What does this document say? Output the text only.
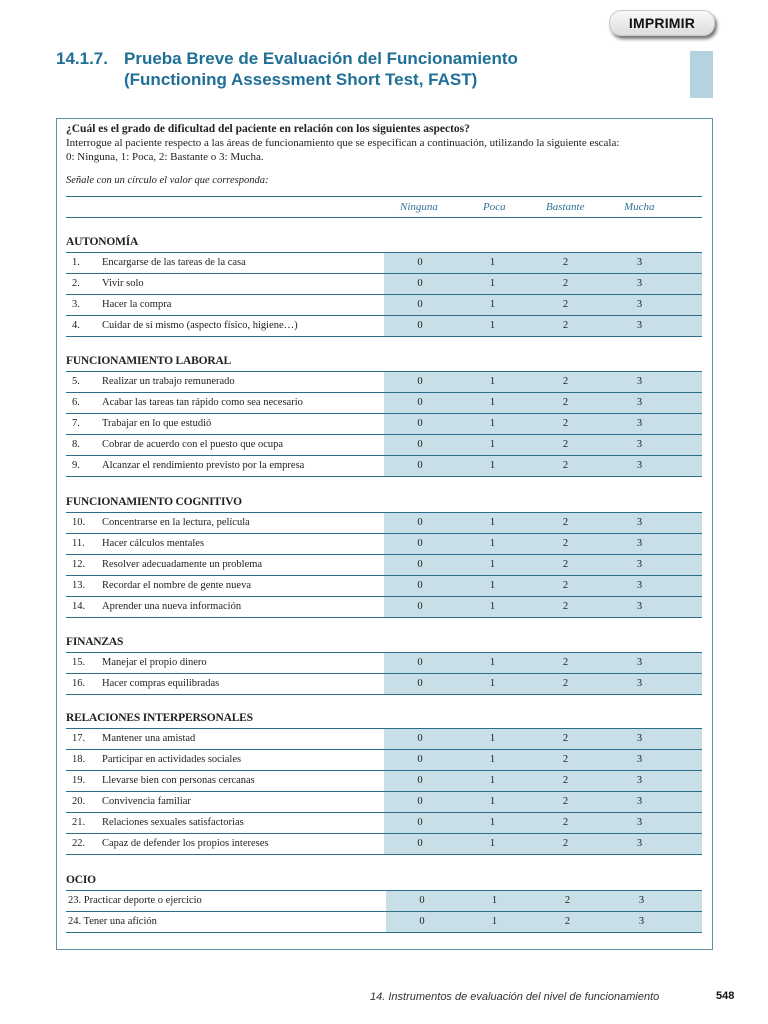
IMPRIMIR
14.1.7. Prueba Breve de Evaluación del Funcionamiento
(Functioning Assessment Short Test, FAST)
¿Cuál es el grado de dificultad del paciente en relación con los siguientes aspectos?
Interrogue al paciente respecto a las áreas de funcionamiento que se especifican a continuación, utilizando la siguiente escala:
0: Ninguna, 1: Poca, 2: Bastante o 3: Mucha.
Señale con un círculo el valor que corresponda:
Ninguna	Poca	Bastante	Mucha
AUTONOMÍA
1.	Encargarse de las tareas de la casa	0	1	2	3
2.	Vivir solo	0	1	2	3
3.	Hacer la compra	0	1	2	3
4.	Cuidar de sí mismo (aspecto físico, higiene…)	0	1	2	3
FUNCIONAMIENTO LABORAL
5.	Realizar un trabajo remunerado	0	1	2	3
6.	Acabar las tareas tan rápido como sea necesario	0	1	2	3
7.	Trabajar en lo que estudió	0	1	2	3
8.	Cobrar de acuerdo con el puesto que ocupa	0	1	2	3
9.	Alcanzar el rendimiento previsto por la empresa	0	1	2	3
FUNCIONAMIENTO COGNITIVO
10.	Concentrarse en la lectura, película	0	1	2	3
11.	Hacer cálculos mentales	0	1	2	3
12.	Resolver adecuadamente un problema	0	1	2	3
13.	Recordar el nombre de gente nueva	0	1	2	3
14.	Aprender una nueva información	0	1	2	3
FINANZAS
15.	Manejar el propio dinero	0	1	2	3
16.	Hacer compras equilibradas	0	1	2	3
RELACIONES INTERPERSONALES
17.	Mantener una amistad	0	1	2	3
18.	Participar en actividades sociales	0	1	2	3
19.	Llevarse bien con personas cercanas	0	1	2	3
20.	Convivencia familiar	0	1	2	3
21.	Relaciones sexuales satisfactorias	0	1	2	3
22.	Capaz de defender los propios intereses	0	1	2	3
OCIO
23. Practicar deporte o ejercicio	0	1	2	3
24. Tener una afición	0	1	2	3
14. Instrumentos de evaluación del nivel de funcionamiento	548
